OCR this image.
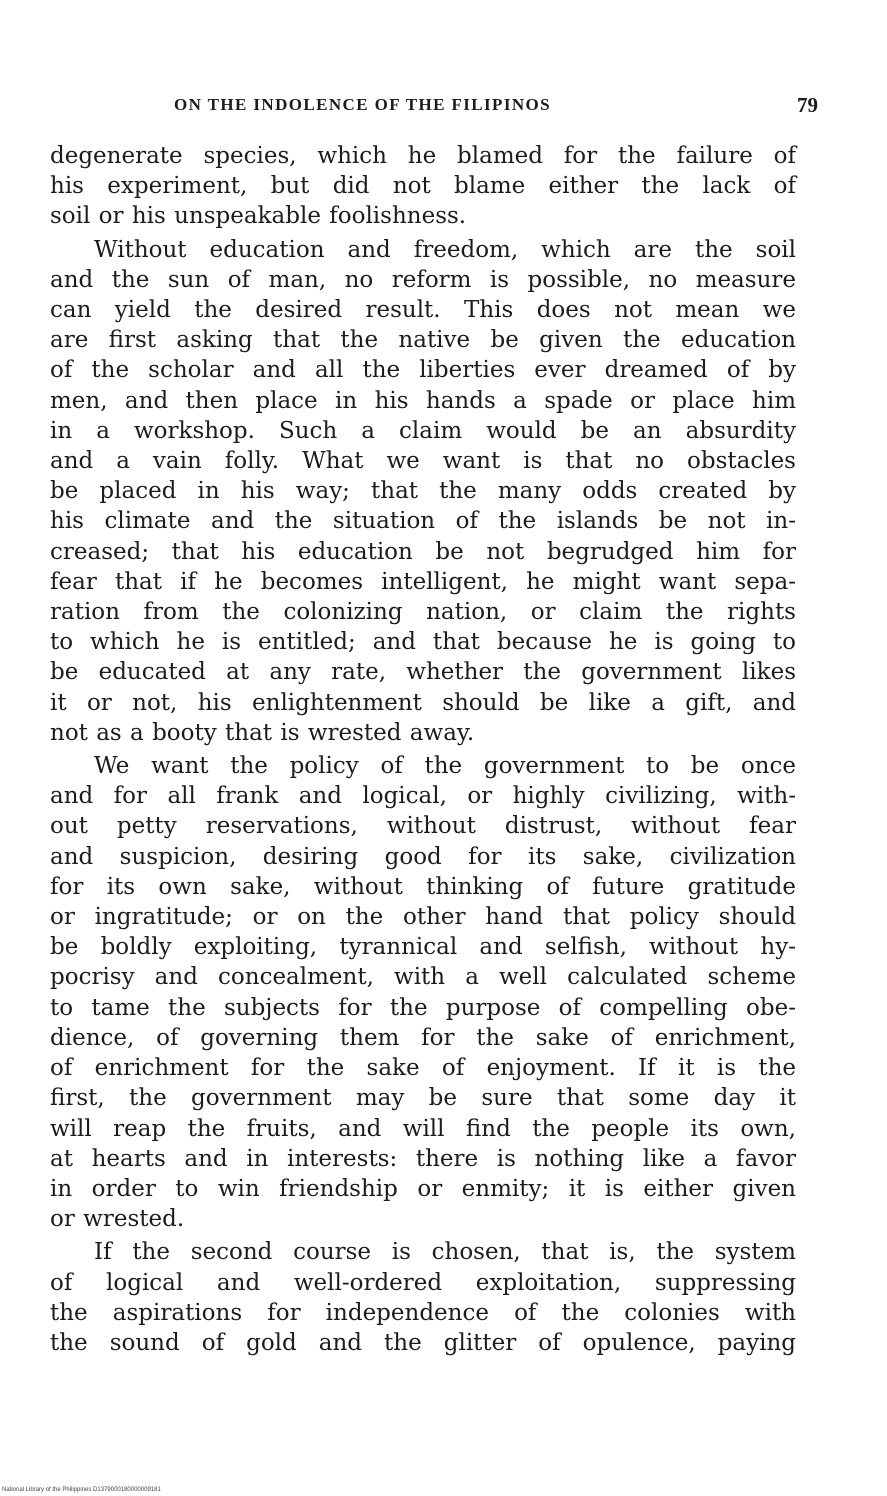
ON THE INDOLENCE OF THE FILIPINOS	79

degenerate species, which he blamed for the failure of
his experiment, but did not blame either the lack of
soil or his unspeakable foolishness.

Without education and freedom, which are the soil
and the sun of man, no reform is possible, no measure
can yield the desired result. This does not mean we
are first asking that the native be given the education
of the scholar and all the liberties ever dreamed of by
men, and then place in his hands a spade or place him
in a workshop. Such a claim would be an absurdity
and a vain folly. What we want is that no obstacles
be placed in his way; that the many odds created by
his climate and the situation of the islands be not in-
creased; that his education be not begrudged him for
fear that if he becomes intelligent, he might want sepa-
ration from the colonizing nation, or claim the rights
to which he is entitled; and that because he is going to
be educated at any rate, whether the government likes
it or not, his enlightenment should be like a gift, and
not as a booty that is wrested away.

We want the policy of the government to be once
and for all frank and logical, or highly civilizing, with-
out petty reservations, without distrust, without fear
and suspicion, desiring good for its sake, civilization
for its own sake, without thinking of future gratitude
or ingratitude; or on the other hand that policy should
be boldly exploiting, tyrannical and selfish, without hy-
pocrisy and concealment, with a well calculated scheme
to tame the subjects for the purpose of compelling obe-
dience, of governing them for the sake of enrichment,
of enrichment for the sake of enjoyment. If it is the
first, the government may be sure that some day it
will reap the fruits, and will find the people its own,
at hearts and in interests: there is nothing like a favor
in order to win friendship or enmity; it is either given
or wrested.

If the second course is chosen, that is, the system
of logical and well-ordered exploitation, suppressing
the aspirations for independence of the colonies with
the sound of gold and the glitter of opulence, paying

National Library of the Philippines D1379000180000009181
